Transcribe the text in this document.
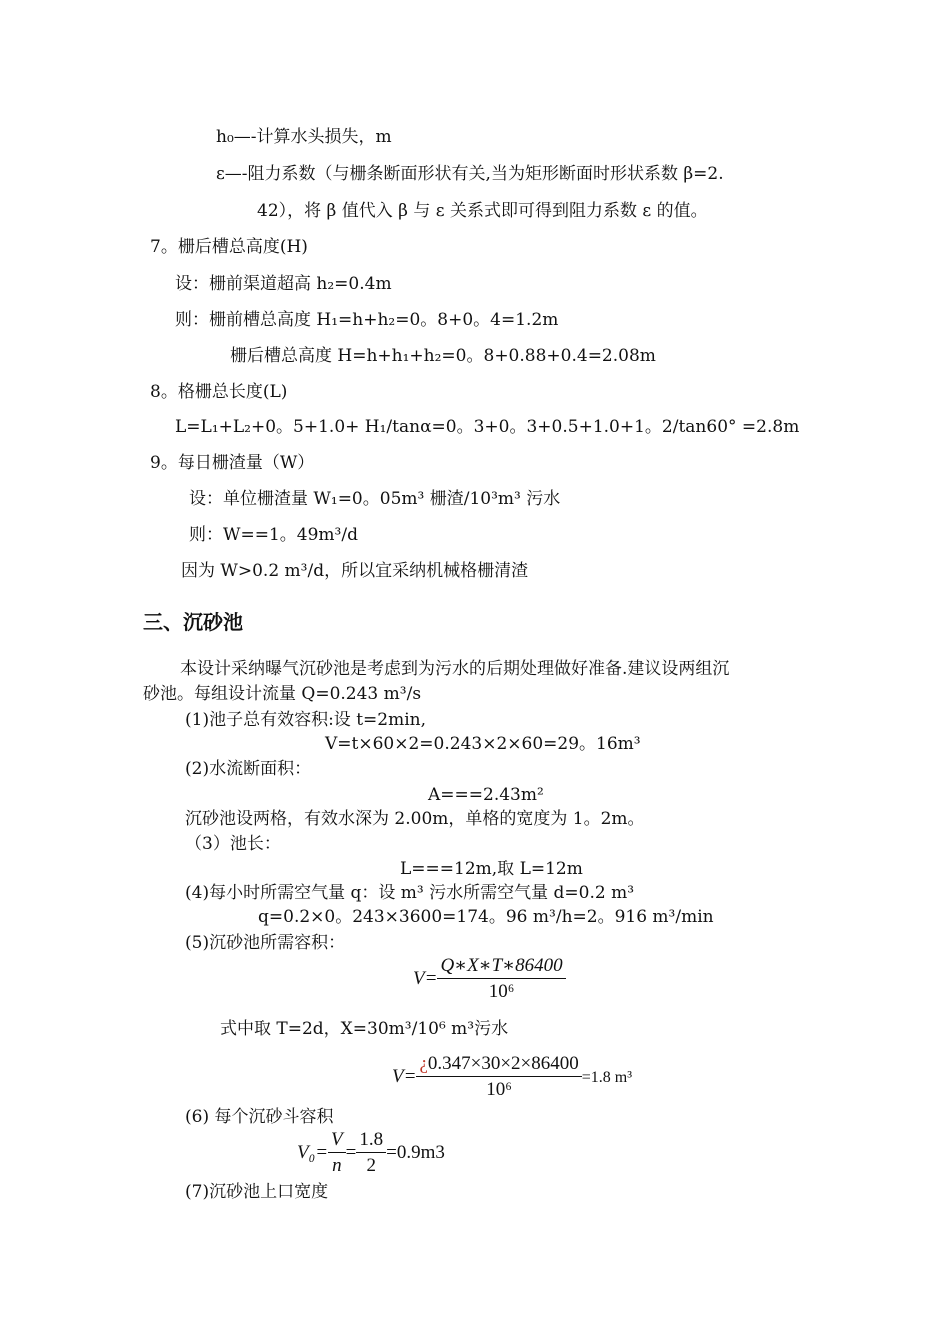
h₀—-计算水头损失，m
ε—-阻力系数（与栅条断面形状有关,当为矩形断面时形状系数 β=2.
42），将 β 值代入 β 与 ε 关系式即可得到阻力系数 ε 的值。
7。栅后槽总高度(H)
设：栅前渠道超高 h₂=0.4m
则：栅前槽总高度 H₁=h+h₂=0。8+0。4=1.2m
栅后槽总高度 H=h+h₁+h₂=0。8+0.88+0.4=2.08m
8。格栅总长度(L)
L=L₁+L₂+0。5+1.0+ H₁/tanα=0。3+0。3+0.5+1.0+1。2/tan60° =2.8m
9。每日栅渣量（W）
设：单位栅渣量 W₁=0。05m³ 栅渣/10³m³ 污水
则：W==1。49m³/d
因为 W>0.2 m³/d，所以宜采纳机械格栅清渣
三、沉砂池
本设计采纳曝气沉砂池是考虑到为污水的后期处理做好准备.建议设两组沉
砂池。每组设计流量 Q=0.243 m³/s
(1)池子总有效容积:设 t=2min,
V=t×60×2=0.243×2×60=29。16m³
(2)水流断面积：
A===2.43m²
沉砂池设两格，有效水深为 2.00m，单格的宽度为 1。2m。
（3）池长：
L===12m,取 L=12m
(4)每小时所需空气量 q：设 m³ 污水所需空气量 d=0.2 m³
q=0.2×0。243×3600=174。96 m³/h=2。916 m³/min
(5)沉砂池所需容积：
$V= \frac{Q∗X∗T∗86400}{\text{10⁶}}$
式中取 T=2d，X=30m³/10⁶ m³污水
$V= \frac{¿0.347\times 30\times 2\times 86400}{\text{10⁶}} =1.8$ m³
(6) 每个沉砂斗容积
$V_0= \frac{V}{n} = \frac{1.8}{2} =0.9m3$
(7)沉砂池上口宽度
